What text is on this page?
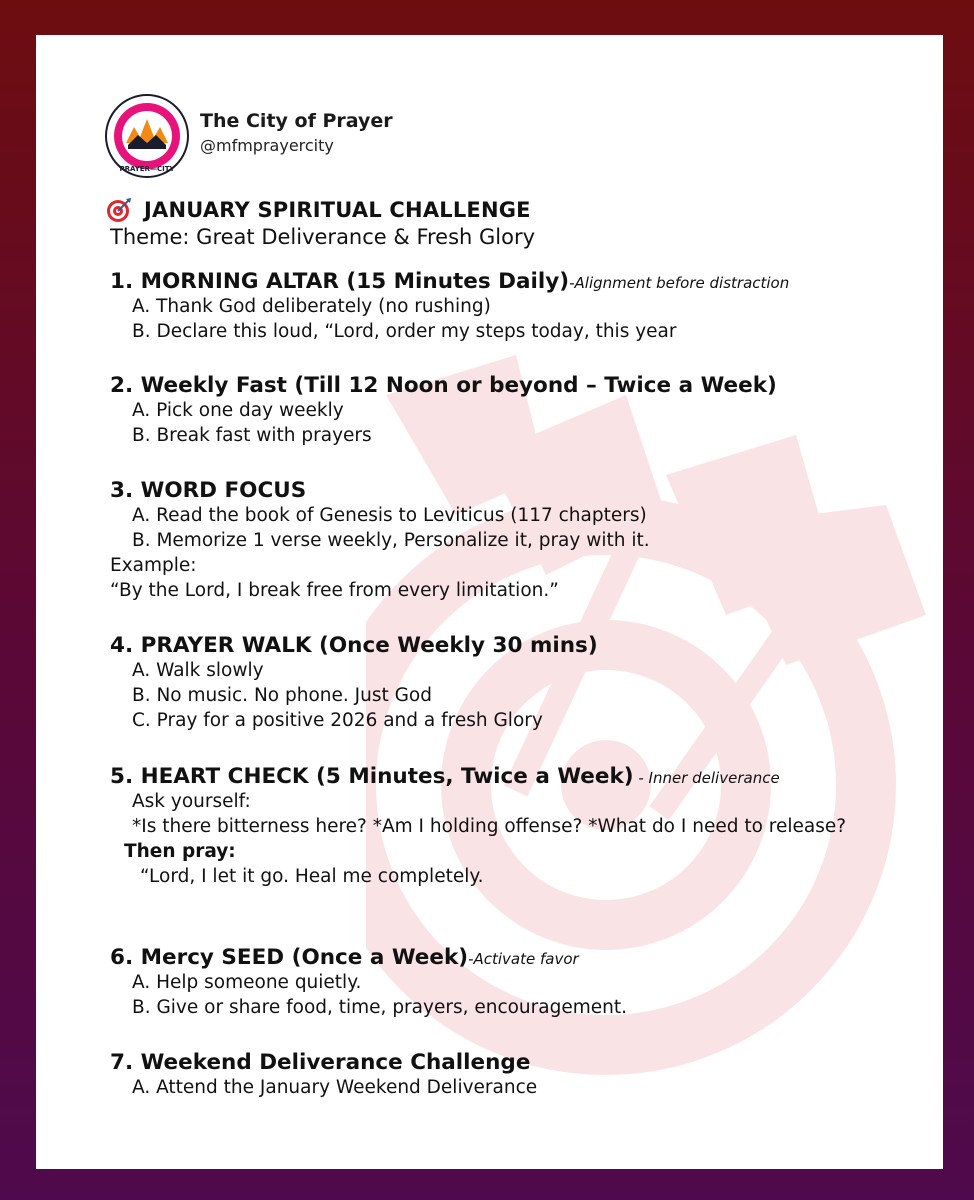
PRAYER—CITY
The City of Prayer
@mfmprayercity
JANUARY SPIRITUAL CHALLENGE
Theme: Great Deliverance & Fresh Glory
1. MORNING ALTAR (15 Minutes Daily)-Alignment before distraction
A. Thank God deliberately (no rushing)
B. Declare this loud, “Lord, order my steps today, this year
2. Weekly Fast (Till 12 Noon or beyond – Twice a Week)
A. Pick one day weekly
B. Break fast with prayers
3. WORD FOCUS
A. Read the book of Genesis to Leviticus (117 chapters)
B. Memorize 1 verse weekly, Personalize it, pray with it.
Example:
“By the Lord, I break free from every limitation.”
4. PRAYER WALK (Once Weekly 30 mins)
A. Walk slowly
B. No music. No phone. Just God
C. Pray for a positive 2026 and a fresh Glory
5. HEART CHECK (5 Minutes, Twice a Week) - Inner deliverance
Ask yourself:
*Is there bitterness here? *Am I holding offense? *What do I need to release?
Then pray:
“Lord, I let it go. Heal me completely.
6. Mercy SEED (Once a Week)-Activate favor
A. Help someone quietly.
B. Give or share food, time, prayers, encouragement.
7. Weekend Deliverance Challenge
A. Attend the January Weekend Deliverance
